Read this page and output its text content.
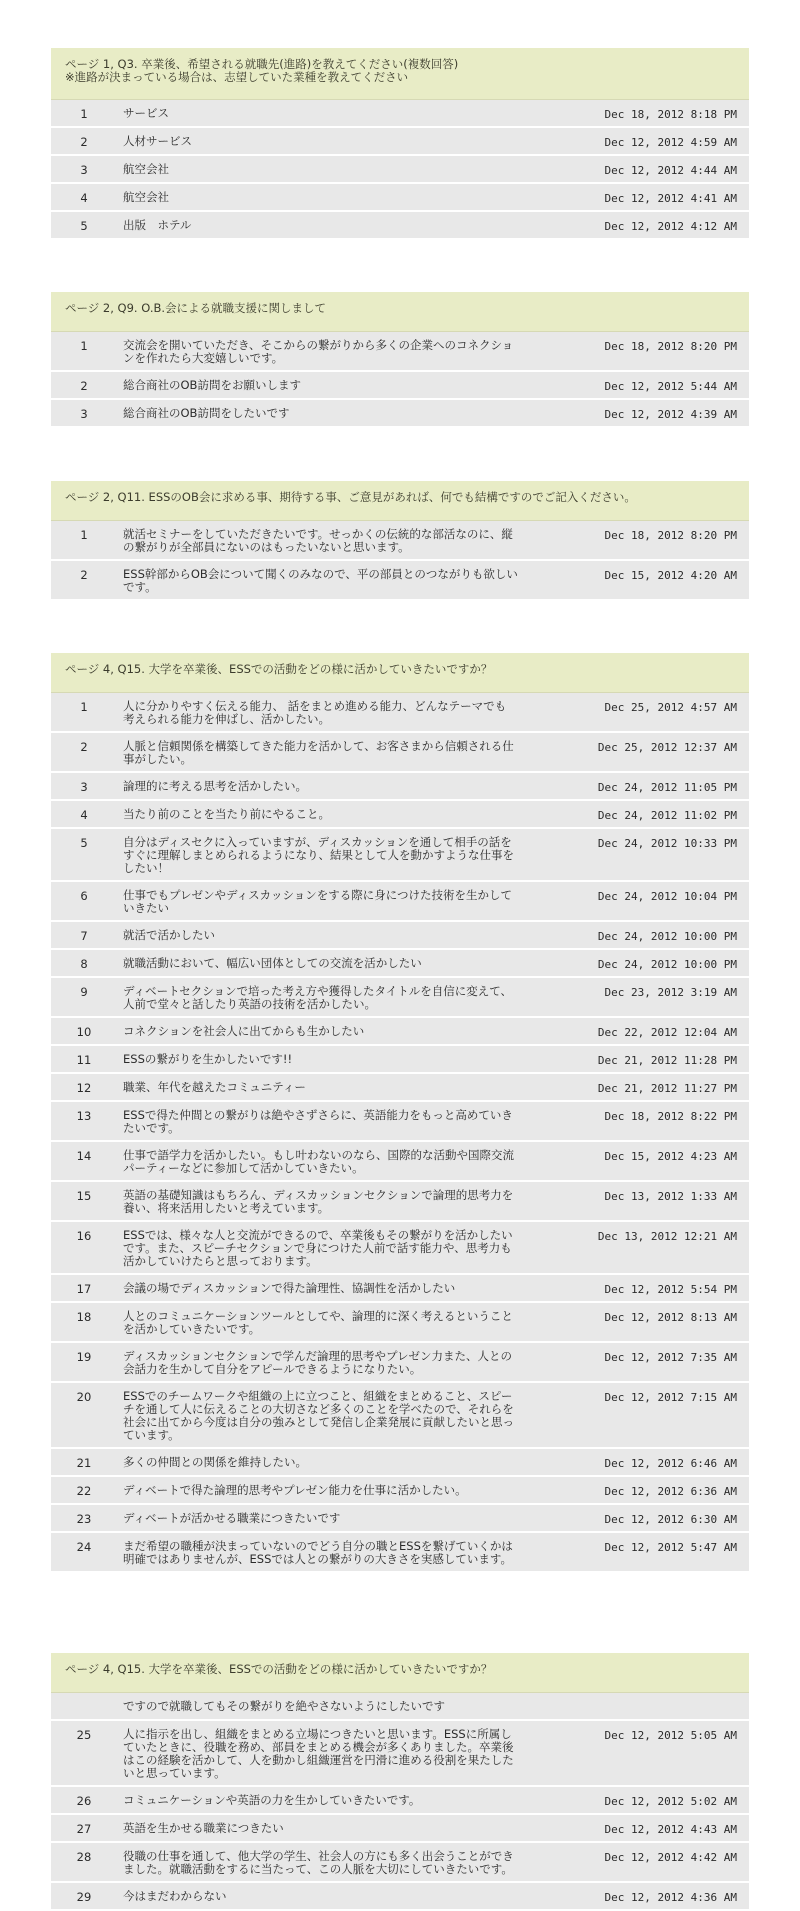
ページ 1, Q3. 卒業後、希望される就職先(進路)を教えてください(複数回答)
※進路が決まっている場合は、志望していた業種を教えてください
1	サービス	Dec 18, 2012 8:18 PM
2	人材サービス	Dec 12, 2012 4:59 AM
3	航空会社	Dec 12, 2012 4:44 AM
4	航空会社	Dec 12, 2012 4:41 AM
5	出版　ホテル	Dec 12, 2012 4:12 AM
ページ 2, Q9. O.B.会による就職支援に関しまして
1	交流会を開いていただき、そこからの繋がりから多くの企業へのコネクショ
ンを作れたら大変嬉しいです。
Dec 18, 2012 8:20 PM
2	総合商社のOB訪問をお願いします	Dec 12, 2012 5:44 AM
3	総合商社のOB訪問をしたいです	Dec 12, 2012 4:39 AM
ページ 2, Q11. ESSのOB会に求める事、期待する事、ご意見があれば、何でも結構ですのでご記入ください。
1	就活セミナーをしていただきたいです。せっかくの伝統的な部活なのに、縦
の繋がりが全部員にないのはもったいないと思います。
Dec 18, 2012 8:20 PM
2	ESS幹部からOB会について聞くのみなので、平の部員とのつながりも欲しい
です。
Dec 15, 2012 4:20 AM
ページ 4, Q15. 大学を卒業後、ESSでの活動をどの様に活かしていきたいですか？
1	人に分かりやすく伝える能力、 話をまとめ進める能力、どんなテーマでも
考えられる能力を伸ばし、活かしたい。
Dec 25, 2012 4:57 AM
2	人脈と信頼関係を構築してきた能力を活かして、お客さまから信頼される仕
事がしたい。
Dec 25, 2012 12:37 AM
3	論理的に考える思考を活かしたい。	Dec 24, 2012 11:05 PM
4	当たり前のことを当たり前にやること。	Dec 24, 2012 11:02 PM
5	自分はディスセクに入っていますが、ディスカッションを通して相手の話を
すぐに理解しまとめられるようになり、結果として人を動かすような仕事を
したい！
Dec 24, 2012 10:33 PM
6	仕事でもプレゼンやディスカッションをする際に身につけた技術を生かして
いきたい
Dec 24, 2012 10:04 PM
7	就活で活かしたい	Dec 24, 2012 10:00 PM
8	就職活動において、幅広い団体としての交流を活かしたい	Dec 24, 2012 10:00 PM
9	ディベートセクションで培った考え方や獲得したタイトルを自信に変えて、
人前で堂々と話したり英語の技術を活かしたい。
Dec 23, 2012 3:19 AM
10	コネクションを社会人に出てからも生かしたい	Dec 22, 2012 12:04 AM
11	ESSの繋がりを生かしたいです!!	Dec 21, 2012 11:28 PM
12	職業、年代を越えたコミュニティー	Dec 21, 2012 11:27 PM
13	ESSで得た仲間との繋がりは絶やさずさらに、英語能力をもっと高めていき
たいです。
Dec 18, 2012 8:22 PM
14	仕事で語学力を活かしたい。もし叶わないのなら、国際的な活動や国際交流
パーティーなどに参加して活かしていきたい。
Dec 15, 2012 4:23 AM
15	英語の基礎知識はもちろん、ディスカッションセクションで論理的思考力を
養い、将来活用したいと考えています。
Dec 13, 2012 1:33 AM
16	ESSでは、様々な人と交流ができるので、卒業後もその繋がりを活かしたい
です。また、スピーチセクションで身につけた人前で話す能力や、思考力も
活かしていけたらと思っております。
Dec 13, 2012 12:21 AM
17	会議の場でディスカッションで得た論理性、協調性を活かしたい	Dec 12, 2012 5:54 PM
18	人とのコミュニケーションツールとしてや、論理的に深く考えるということ
を活かしていきたいです。
Dec 12, 2012 8:13 AM
19	ディスカッションセクションで学んだ論理的思考やプレゼン力また、人との
会話力を生かして自分をアピールできるようになりたい。
Dec 12, 2012 7:35 AM
20	ESSでのチームワークや組織の上に立つこと、組織をまとめること、スピー
チを通して人に伝えることの大切さなど多くのことを学べたので、それらを
社会に出てから今度は自分の強みとして発信し企業発展に貢献したいと思っ
ています。
Dec 12, 2012 7:15 AM
21	多くの仲間との関係を維持したい。	Dec 12, 2012 6:46 AM
22	ディベートで得た論理的思考やプレゼン能力を仕事に活かしたい。	Dec 12, 2012 6:36 AM
23	ディベートが活かせる職業につきたいです	Dec 12, 2012 6:30 AM
24	まだ希望の職種が決まっていないのでどう自分の職とESSを繋げていくかは
明確ではありませんが、ESSでは人との繋がりの大きさを実感しています。
Dec 12, 2012 5:47 AM
ページ 4, Q15. 大学を卒業後、ESSでの活動をどの様に活かしていきたいですか？
ですので就職してもその繋がりを絶やさないようにしたいです
25	人に指示を出し、組織をまとめる立場につきたいと思います。ESSに所属し
ていたときに、役職を務め、部員をまとめる機会が多くありました。卒業後
はこの経験を活かして、人を動かし組織運営を円滑に進める役割を果たした
いと思っています。
Dec 12, 2012 5:05 AM
26	コミュニケーションや英語の力を生かしていきたいです。	Dec 12, 2012 5:02 AM
27	英語を生かせる職業につきたい	Dec 12, 2012 4:43 AM
28	役職の仕事を通して、他大学の学生、社会人の方にも多く出会うことができ
ました。就職活動をするに当たって、この人脈を大切にしていきたいです。
Dec 12, 2012 4:42 AM
29	今はまだわからない	Dec 12, 2012 4:36 AM
